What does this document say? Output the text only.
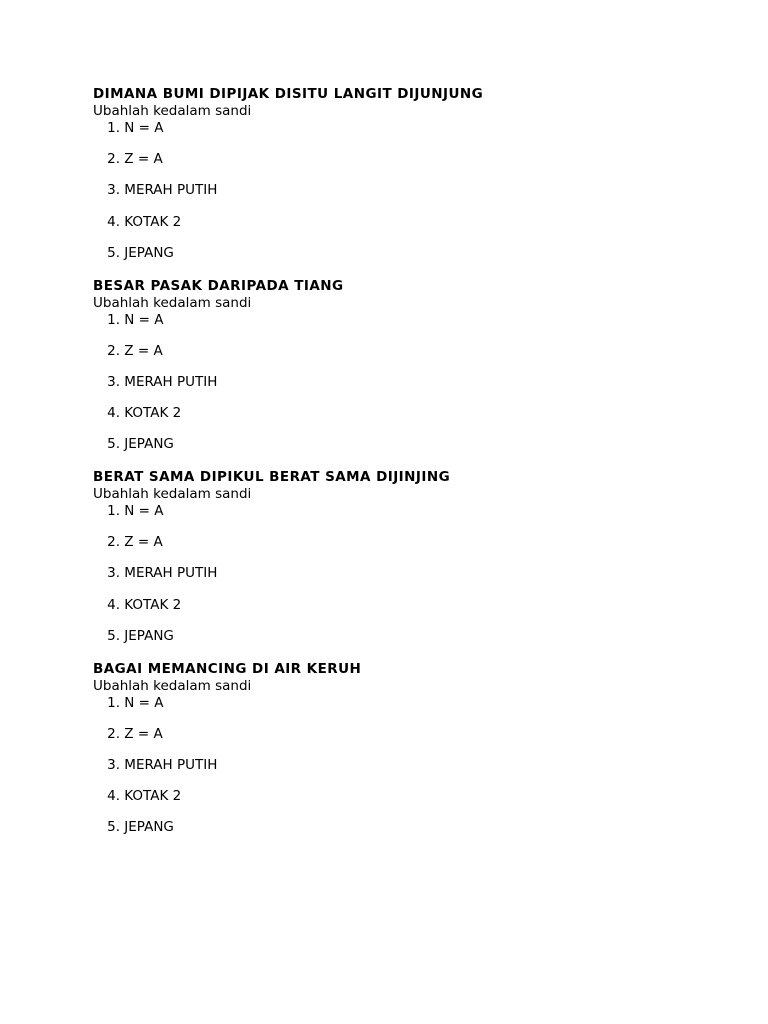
DIMANA BUMI DIPIJAK DISITU LANGIT DIJUNJUNG
Ubahlah kedalam sandi
1. N = A
2. Z = A
3. MERAH PUTIH
4. KOTAK 2
5. JEPANG
BESAR PASAK DARIPADA TIANG
Ubahlah kedalam sandi
1. N = A
2. Z = A
3. MERAH PUTIH
4. KOTAK 2
5. JEPANG
BERAT SAMA DIPIKUL BERAT SAMA DIJINJING
Ubahlah kedalam sandi
1. N = A
2. Z = A
3. MERAH PUTIH
4. KOTAK 2
5. JEPANG
BAGAI MEMANCING DI AIR KERUH
Ubahlah kedalam sandi
1. N = A
2. Z = A
3. MERAH PUTIH
4. KOTAK 2
5. JEPANG
